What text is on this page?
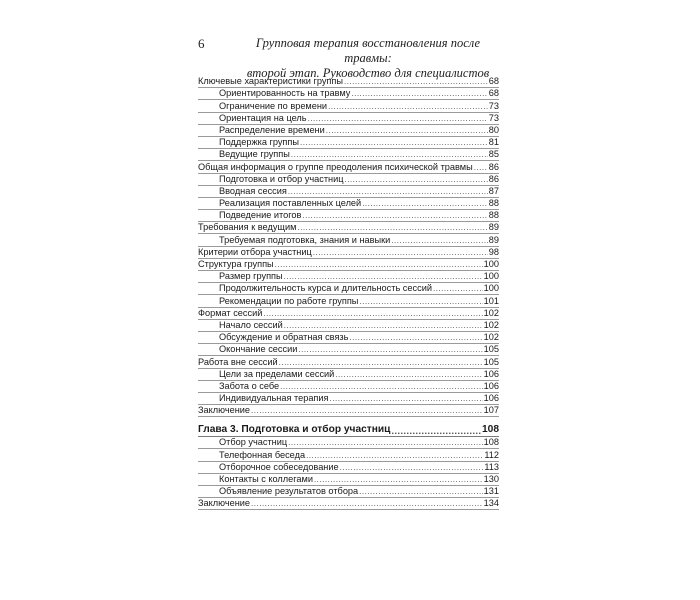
6	Групповая терапия восстановления после травмы:
второй этап. Руководство для специалистов
Ключевые характеристики группы .....	68
Ориентированность на травму .....	68
Ограничение по времени .....	73
Ориентация на цель .....	73
Распределение времени .....	80
Поддержка группы .....	81
Ведущие группы .....	85
Общая информация о группе преодоления психической травмы ..... 86
Подготовка и отбор участниц .....	86
Вводная сессия .....	87
Реализация поставленных целей .....	88
Подведение итогов .....	88
Требования к ведущим .....	89
Требуемая подготовка, знания и навыки .....	89
Критерии отбора участниц .....	98
Структура группы .....	100
Размер группы .....	100
Продолжительность курса и длительность сессий .....	100
Рекомендации по работе группы .....	101
Формат сессий .....	102
Начало сессий .....	102
Обсуждение и обратная связь .....	102
Окончание сессии .....	105
Работа вне сессий .....	105
Цели за пределами сессий .....	106
Забота о себе .....	106
Индивидуальная терапия .....	106
Заключение .....	107
Глава 3. Подготовка и отбор участниц .....	108
Отбор участниц .....	108
Телефонная беседа .....	112
Отборочное собеседование .....	113
Контакты с коллегами .....	130
Объявление результатов отбора .....	131
Заключение .....	134
